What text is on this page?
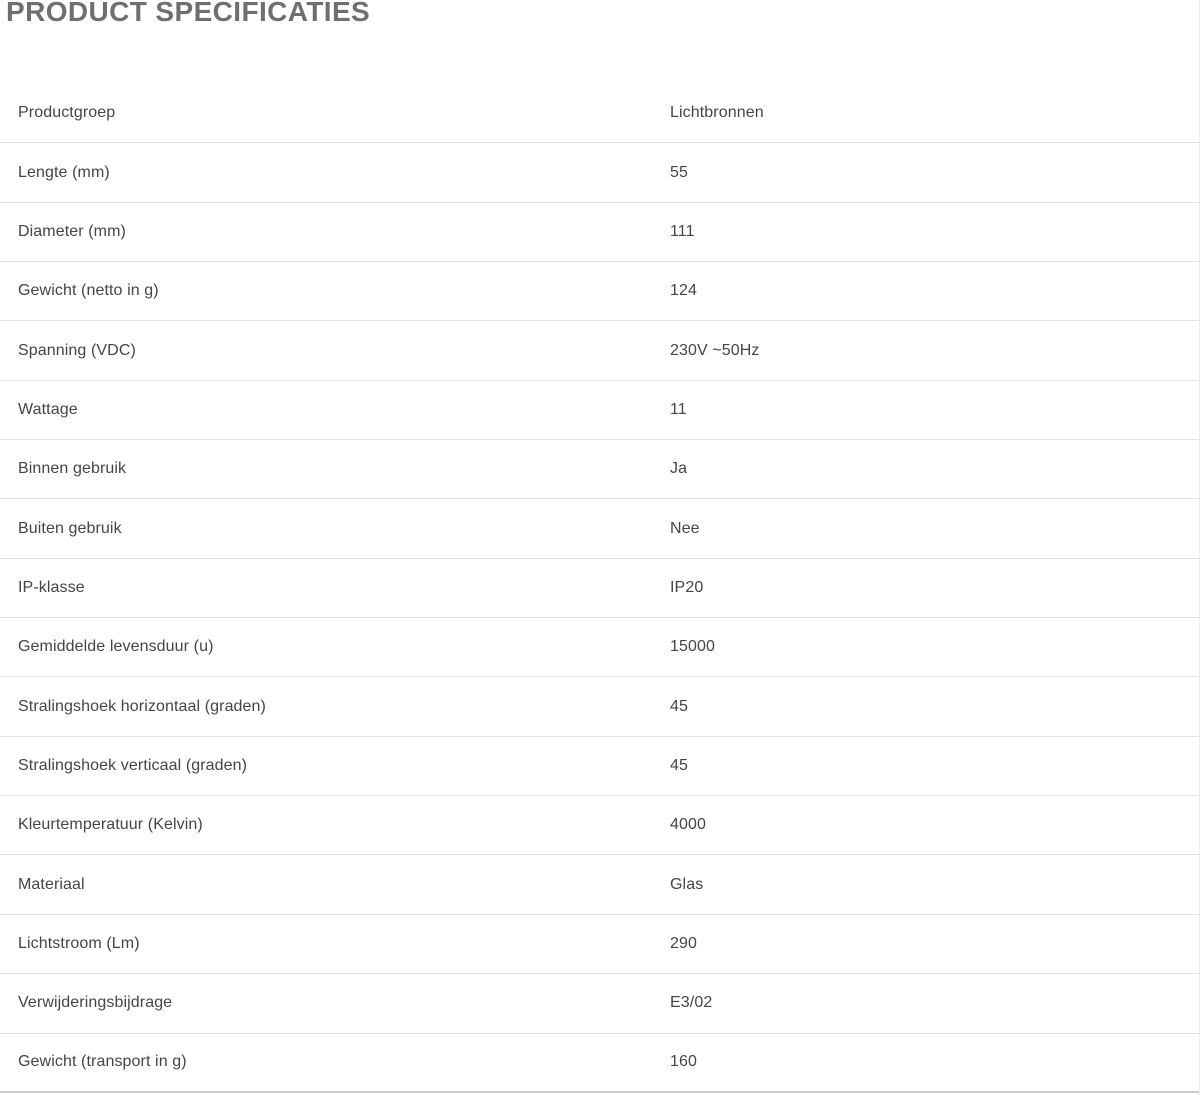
PRODUCT SPECIFICATIES
Productgroep	Lichtbronnen
Lengte (mm)	55
Diameter (mm)	111
Gewicht (netto in g)	124
Spanning (VDC)	230V ~50Hz
Wattage	11
Binnen gebruik	Ja
Buiten gebruik	Nee
IP-klasse	IP20
Gemiddelde levensduur (u)	15000
Stralingshoek horizontaal (graden)	45
Stralingshoek verticaal (graden)	45
Kleurtemperatuur (Kelvin)	4000
Materiaal	Glas
Lichtstroom (Lm)	290
Verwijderingsbijdrage	E3/02
Gewicht (transport in g)	160
